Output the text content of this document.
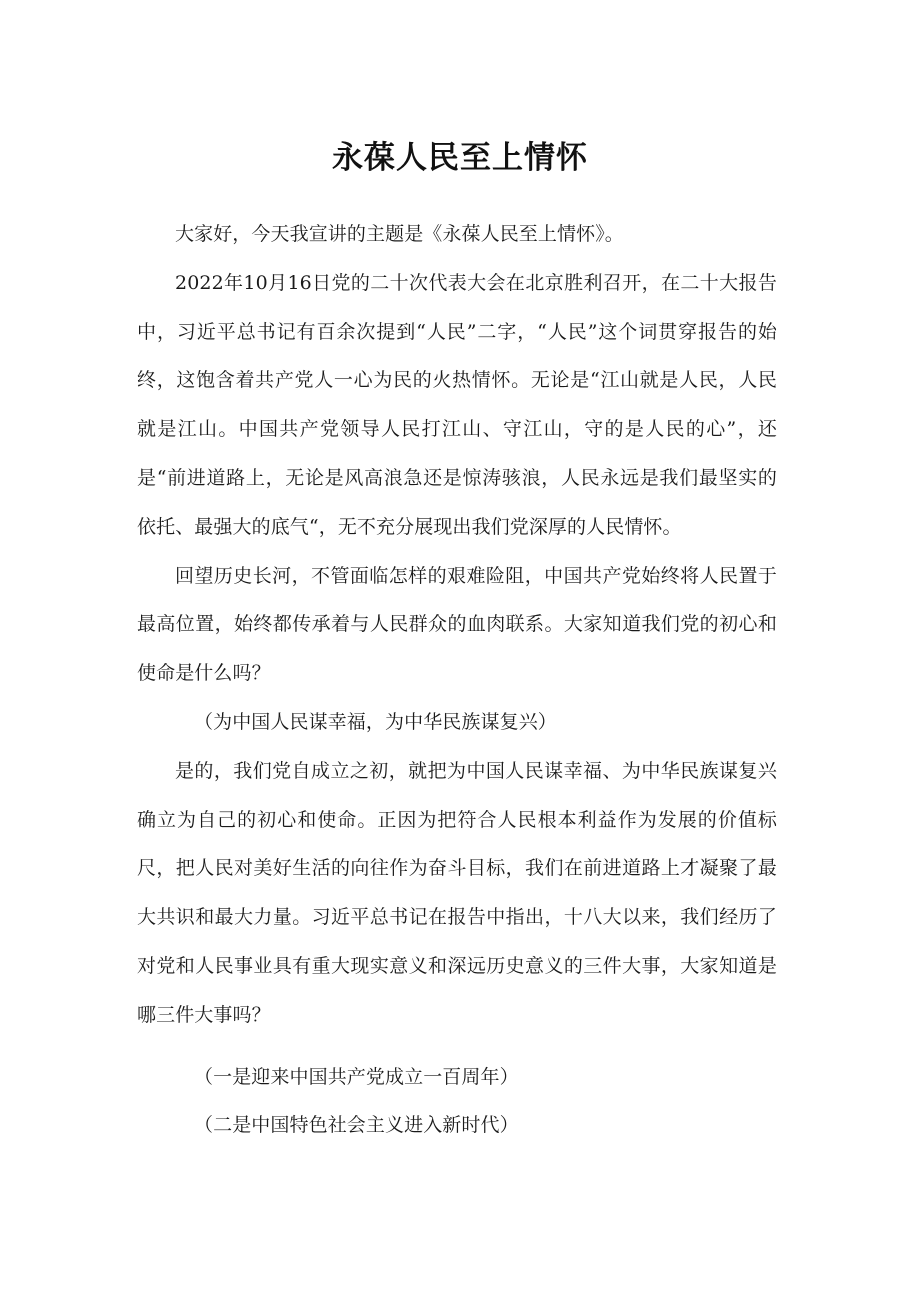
永葆人民至上情怀

大家好，今天我宣讲的主题是《永葆人民至上情怀》。

2022年10月16日党的二十次代表大会在北京胜利召开，在二十大报告中，习近平总书记有百余次提到“人民”二字，“人民”这个词贯穿报告的始终，这饱含着共产党人一心为民的火热情怀。无论是“江山就是人民，人民就是江山。中国共产党领导人民打江山、守江山，守的是人民的心”，还是“前进道路上，无论是风高浪急还是惊涛骇浪，人民永远是我们最坚实的依托、最强大的底气“，无不充分展现出我们党深厚的人民情怀。

回望历史长河，不管面临怎样的艰难险阻，中国共产党始终将人民置于最高位置，始终都传承着与人民群众的血肉联系。大家知道我们党的初心和使命是什么吗？

（为中国人民谋幸福，为中华民族谋复兴）

是的，我们党自成立之初，就把为中国人民谋幸福、为中华民族谋复兴确立为自己的初心和使命。正因为把符合人民根本利益作为发展的价值标尺，把人民对美好生活的向往作为奋斗目标，我们在前进道路上才凝聚了最大共识和最大力量。习近平总书记在报告中指出，十八大以来，我们经历了对党和人民事业具有重大现实意义和深远历史意义的三件大事，大家知道是哪三件大事吗？

（一是迎来中国共产党成立一百周年）

（二是中国特色社会主义进入新时代）
